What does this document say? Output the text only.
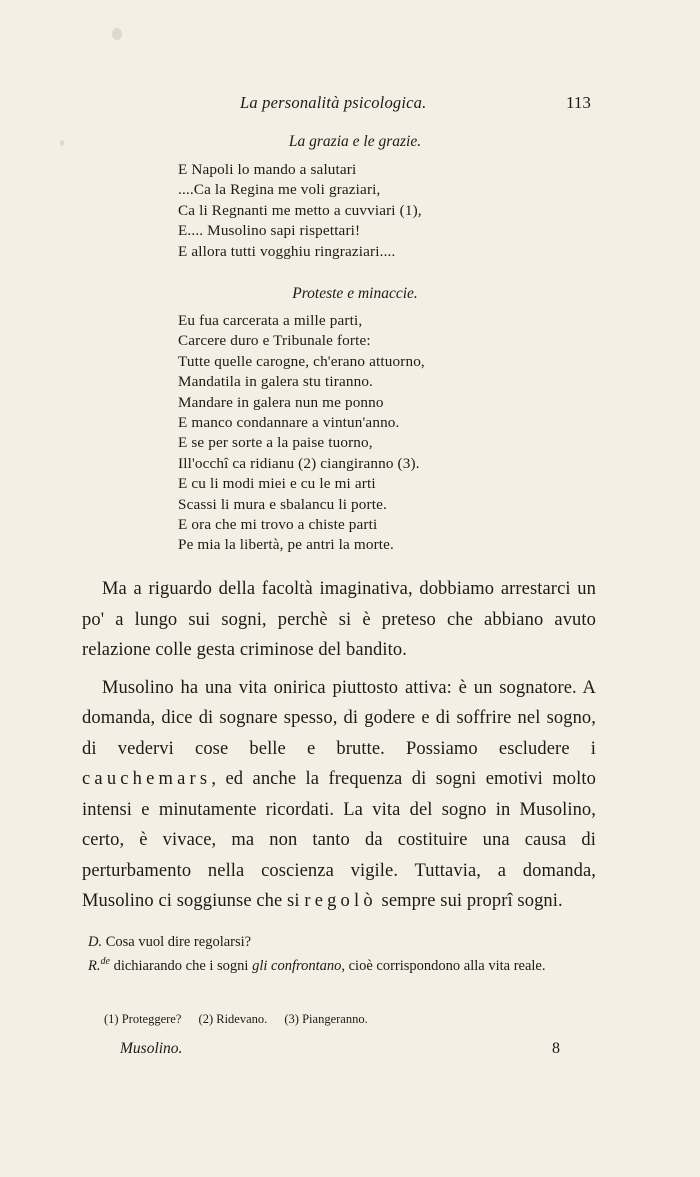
La personalità psicologica.	113
La grazia e le grazie.
E Napoli lo mando a salutari
....Ca la Regina me voli graziari,
Ca li Regnanti me metto a cuvviari (1),
E.... Musolino sapi rispettari!
E allora tutti vogghiu ringraziari....
Proteste e minaccie.
Eu fua carcerata a mille parti,
Carcere duro e Tribunale forte:
Tutte quelle carogne, ch'erano attuorno,
Mandatila in galera stu tiranno.
Mandare in galera nun me ponno
E manco condannare a vintun'anno.
E se per sorte a la paise tuorno,
Ill'occhî ca ridianu (2) ciangiranno (3).
E cu li modi miei e cu le mi arti
Scassi li mura e sbalancu li porte.
E ora che mi trovo a chiste parti
Pe mia la libertà, pe antri la morte.

Ma a riguardo della facoltà imaginativa, dobbiamo arrestarci un po' a lungo sui sogni, perchè si è preteso che abbiano avuto relazione colle gesta criminose del bandito.

Musolino ha una vita onirica piuttosto attiva: è un sognatore. A domanda, dice di sognare spesso, di godere e di soffrire nel sogno, di vedervi cose belle e brutte. Possiamo escludere i cauchemars, ed anche la frequenza di sogni emotivi molto intensi e minutamente ricordati. La vita del sogno in Musolino, certo, è vivace, ma non tanto da costituire una causa di perturbamento nella coscienza vigile. Tuttavia, a domanda, Musolino ci soggiunse che si regolò sempre sui proprî sogni.

D. Cosa vuol dire regolarsi?
R.$^{de}$ dichiarando che i sogni gli confrontano, cioè corrispondono alla vita reale.
(1) Proteggere? (2) Ridevano. (3) Piangeranno.
Musolino.	8
